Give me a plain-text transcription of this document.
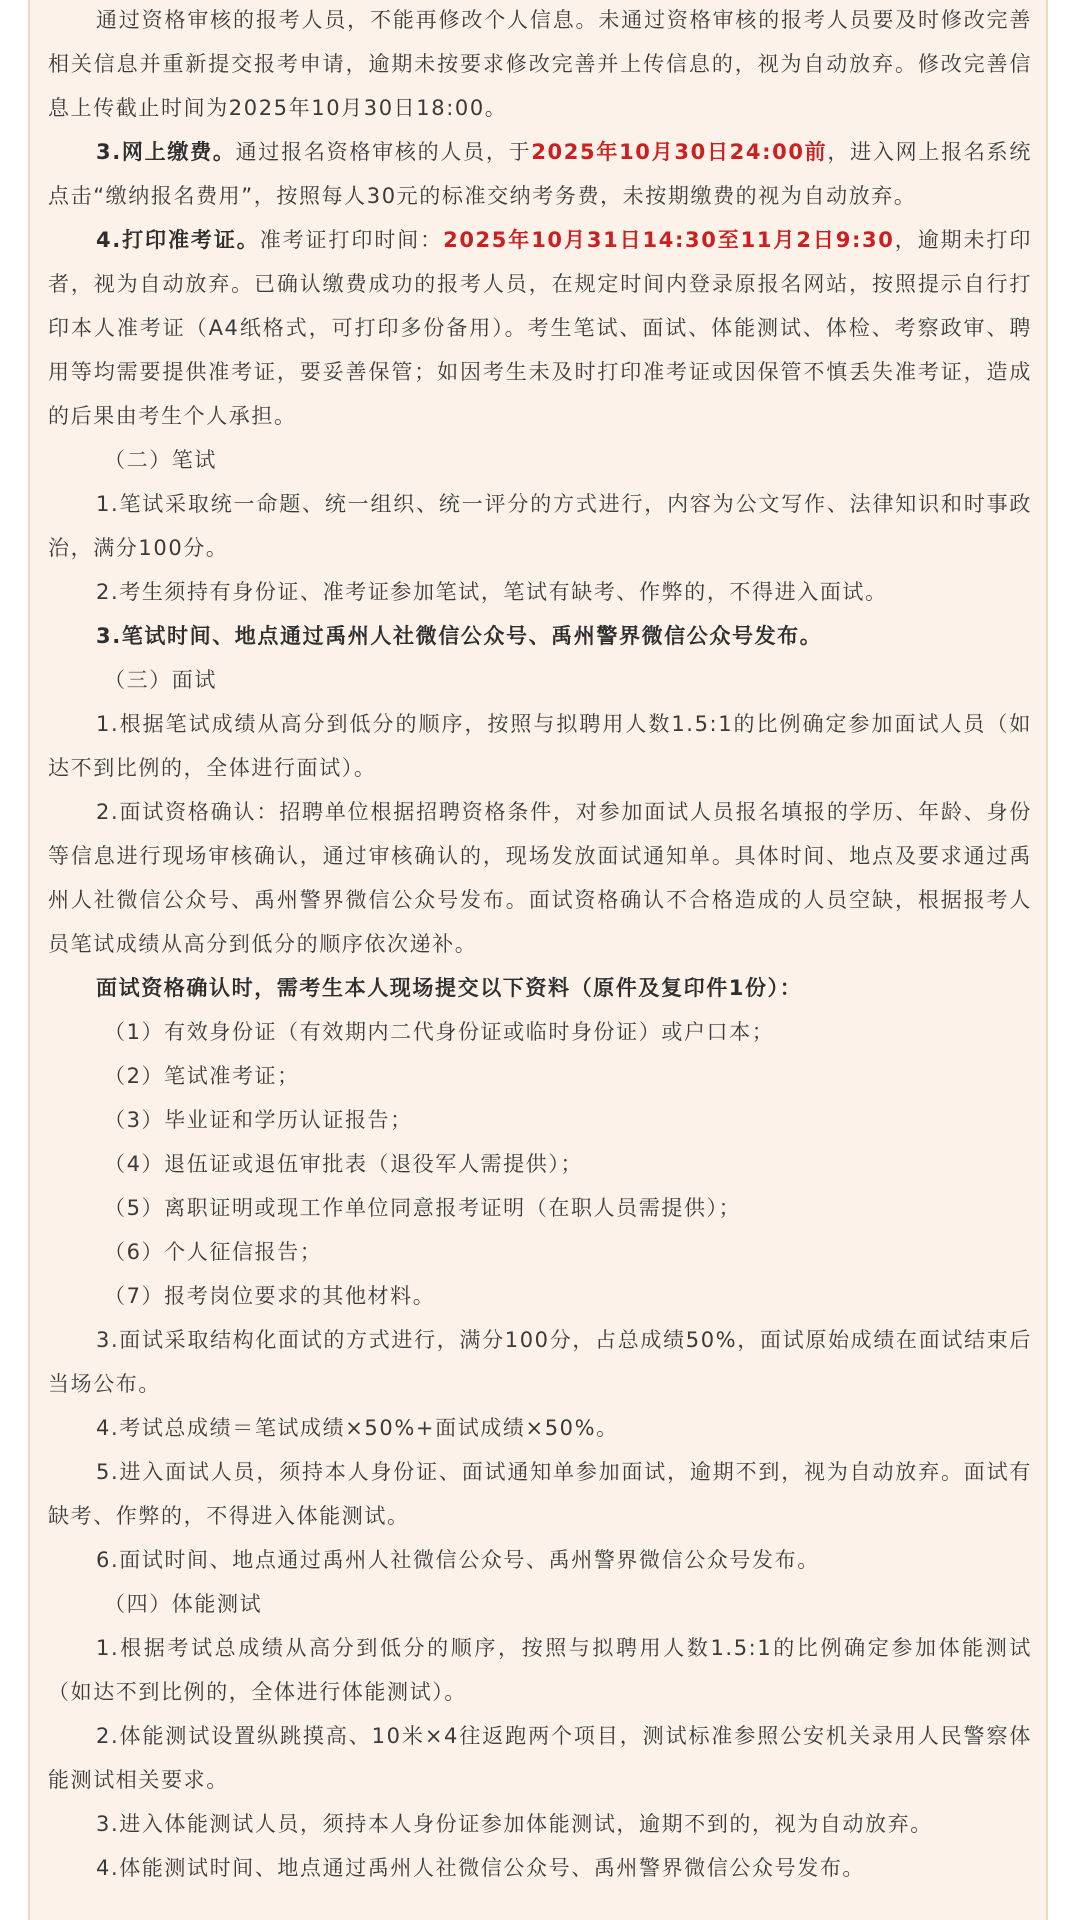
通过资格审核的报考人员，不能再修改个人信息。未通过资格审核的报考人员要及时修改完善相关信息并重新提交报考申请，逾期未按要求修改完善并上传信息的，视为自动放弃。修改完善信息上传截止时间为2025年10月30日18:00。

3.网上缴费。通过报名资格审核的人员，于2025年10月30日24:00前，进入网上报名系统点击“缴纳报名费用”，按照每人30元的标准交纳考务费，未按期缴费的视为自动放弃。

4.打印准考证。准考证打印时间：2025年10月31日14:30至11月2日9:30，逾期未打印者，视为自动放弃。已确认缴费成功的报考人员，在规定时间内登录原报名网站，按照提示自行打印本人准考证（A4纸格式，可打印多份备用）。考生笔试、面试、体能测试、体检、考察政审、聘用等均需要提供准考证，要妥善保管；如因考生未及时打印准考证或因保管不慎丢失准考证，造成的后果由考生个人承担。

（二）笔试

1.笔试采取统一命题、统一组织、统一评分的方式进行，内容为公文写作、法律知识和时事政治，满分100分。

2.考生须持有身份证、准考证参加笔试，笔试有缺考、作弊的，不得进入面试。

3.笔试时间、地点通过禹州人社微信公众号、禹州警界微信公众号发布。

（三）面试

1.根据笔试成绩从高分到低分的顺序，按照与拟聘用人数1.5:1的比例确定参加面试人员（如达不到比例的，全体进行面试）。

2.面试资格确认：招聘单位根据招聘资格条件，对参加面试人员报名填报的学历、年龄、身份等信息进行现场审核确认，通过审核确认的，现场发放面试通知单。具体时间、地点及要求通过禹州人社微信公众号、禹州警界微信公众号发布。面试资格确认不合格造成的人员空缺，根据报考人员笔试成绩从高分到低分的顺序依次递补。

面试资格确认时，需考生本人现场提交以下资料（原件及复印件1份）：

（1）有效身份证（有效期内二代身份证或临时身份证）或户口本；

（2）笔试准考证；

（3）毕业证和学历认证报告；

（4）退伍证或退伍审批表（退役军人需提供）；

（5）离职证明或现工作单位同意报考证明（在职人员需提供）；

（6）个人征信报告；

（7）报考岗位要求的其他材料。

3.面试采取结构化面试的方式进行，满分100分，占总成绩50%，面试原始成绩在面试结束后当场公布。

4.考试总成绩＝笔试成绩×50%+面试成绩×50%。

5.进入面试人员，须持本人身份证、面试通知单参加面试，逾期不到，视为自动放弃。面试有缺考、作弊的，不得进入体能测试。

6.面试时间、地点通过禹州人社微信公众号、禹州警界微信公众号发布。

（四）体能测试

1.根据考试总成绩从高分到低分的顺序，按照与拟聘用人数1.5:1的比例确定参加体能测试（如达不到比例的，全体进行体能测试）。

2.体能测试设置纵跳摸高、10米×4往返跑两个项目，测试标准参照公安机关录用人民警察体能测试相关要求。

3.进入体能测试人员，须持本人身份证参加体能测试，逾期不到的，视为自动放弃。

4.体能测试时间、地点通过禹州人社微信公众号、禹州警界微信公众号发布。
